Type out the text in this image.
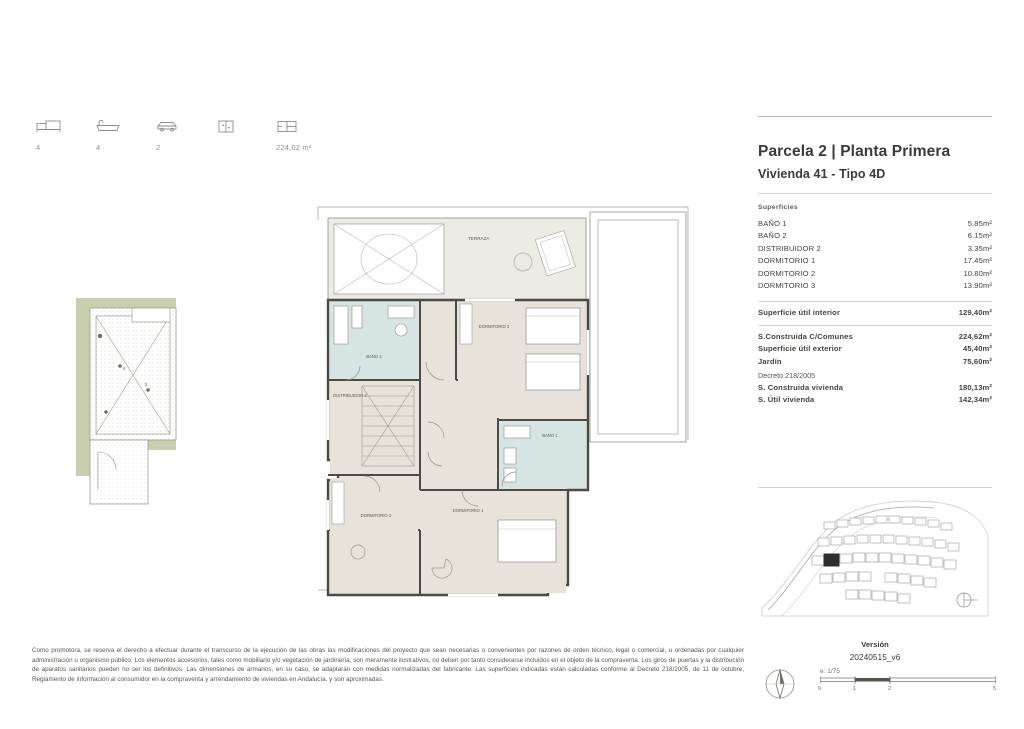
4	4	2	224,62 m²
4
3
TERRAZA
BAÑO 2
DORMITORIO 3
DISTRIBUIDOR 2
BAÑO 1
DORMITORIO 2
DORMITORIO 1
Parcela 2 | Planta Primera
Vivienda 41 - Tipo 4D
Superficies
BAÑO 1	5.85m²
BAÑO 2	6.15m²
DISTRIBUIDOR 2	3.35m²
DORMITORIO 1	17.45m²
DORMITORIO 2	10.80m²
DORMITORIO 3	13.90m²
Superficie útil interior	129,40m²
S.Construida C/Comunes	224,62m²
Superficie útil exterior	45,40m²
Jardín	75,60m²
Decreto 218/2005
S. Construida vivienda	180,13m²
S. Útil vivienda	142,34m²
Versión
20240515_v6
e: 1/75
0	1	2	5
Como promotora, se reserva el derecho a efectuar durante el transcurso de la ejecución de las obras las modificaciones del proyecto que sean necesarias o convenientes por razones de orden técnico, legal o comercial, u ordenadas por cualquier administración u organismo público. Los elementos accesorios, tales como mobiliario y/o vegetación de jardinería, son meramente ilustrativos, no deben por tanto considerarse incluidos en el objeto de la compraventa. Los giros de puertas y la distribución de aparatos sanitarios pueden no ser los definitivos. Las dimensiones de armarios, en su caso, se adaptarán con medidas normalizadas del fabricante. Las superficies indicadas están calculadas conforme al Decreto 218/2005, de 11 de octubre, Reglamento de información al consumidor en la compraventa y arrendamiento de viviendas en Andalucía, y son aproximadas.
